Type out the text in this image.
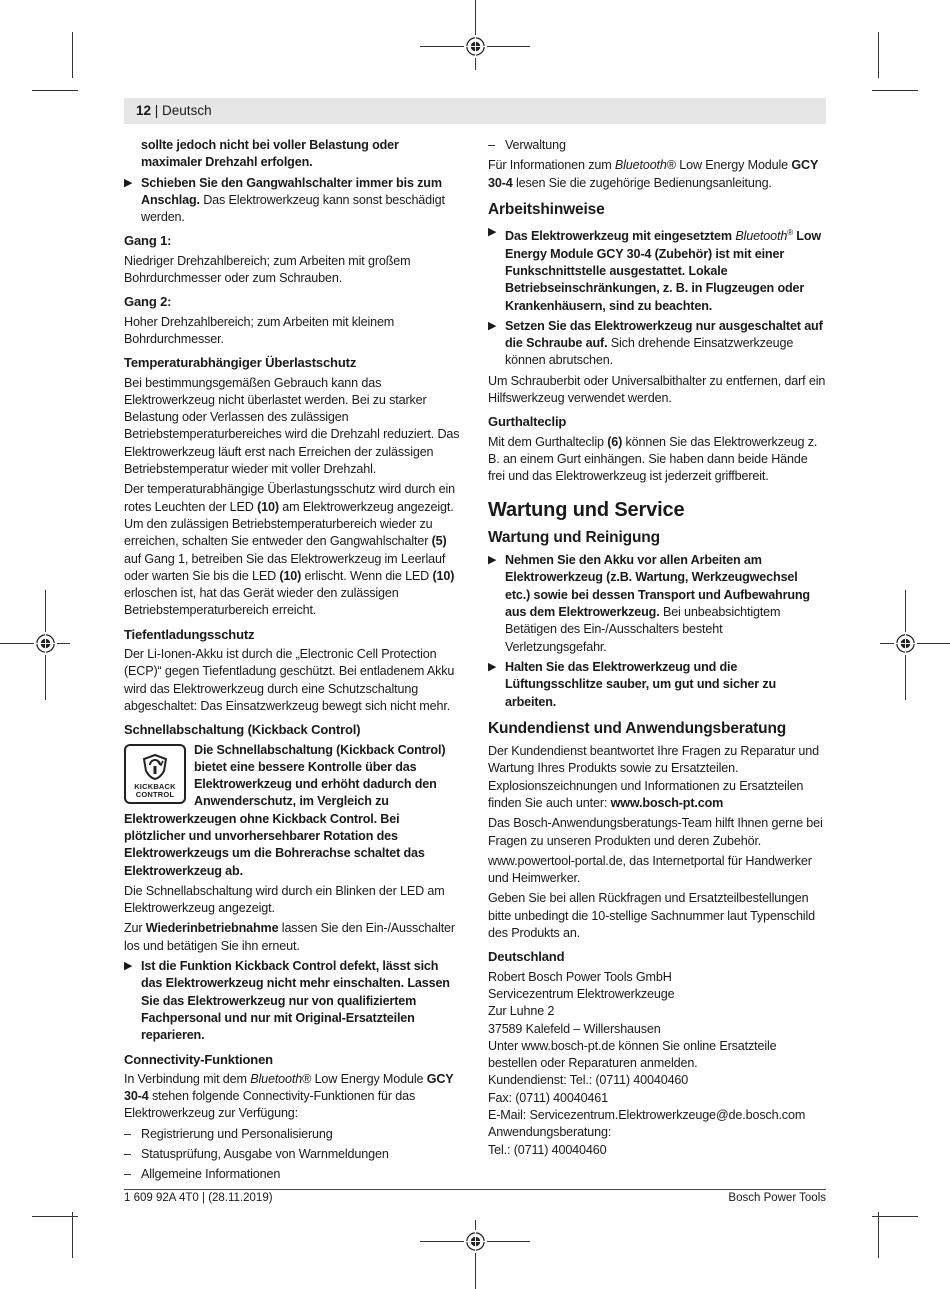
12 | Deutsch

sollte jedoch nicht bei voller Belastung oder maximaler Drehzahl erfolgen.

▶ Schieben Sie den Gangwahlschalter immer bis zum Anschlag. Das Elektrowerkzeug kann sonst beschädigt werden.
Gang 1:

Niedriger Drehzahlbereich; zum Arbeiten mit großem Bohrdurchmesser oder zum Schrauben.

Gang 2:

Hoher Drehzahlbereich; zum Arbeiten mit kleinem Bohrdurchmesser.

Temperaturabhängiger Überlastschutz

Bei bestimmungsgemäßen Gebrauch kann das Elektrowerkzeug nicht überlastet werden. Bei zu starker Belastung oder Verlassen des zulässigen Betriebstemperaturbereiches wird die Drehzahl reduziert. Das Elektrowerkzeug läuft erst nach Erreichen der zulässigen Betriebstemperatur wieder mit voller Drehzahl.

Der temperaturabhängige Überlastungsschutz wird durch ein rotes Leuchten der LED (10) am Elektrowerkzeug angezeigt. Um den zulässigen Betriebstemperaturbereich wieder zu erreichen, schalten Sie entweder den Gangwahlschalter (5) auf Gang 1, betreiben Sie das Elektrowerkzeug im Leerlauf oder warten Sie bis die LED (10) erlischt. Wenn die LED (10) erloschen ist, hat das Gerät wieder den zulässigen Betriebstemperaturbereich erreicht.

Tiefentladungsschutz

Der Li-Ionen-Akku ist durch die „Electronic Cell Protection (ECP)“ gegen Tiefentladung geschützt. Bei entladenem Akku wird das Elektrowerkzeug durch eine Schutzschaltung abgeschaltet: Das Einsatzwerkzeug bewegt sich nicht mehr.

Schnellabschaltung (Kickback Control)
KICKBACK
CONTROL

Die Schnellabschaltung (Kickback Control) bietet eine bessere Kontrolle über das Elektrowerkzeug und erhöht dadurch den Anwenderschutz, im Vergleich zu Elektrowerkzeugen ohne Kickback Control. Bei plötzlicher und unvorhersehbarer Rotation des Elektrowerkzeugs um die Bohrerachse schaltet das Elektrowerkzeug ab.

Die Schnellabschaltung wird durch ein Blinken der LED am Elektrowerkzeug angezeigt.

Zur Wiederinbetriebnahme lassen Sie den Ein-/Ausschalter los und betätigen Sie ihn erneut.

▶ Ist die Funktion Kickback Control defekt, lässt sich das Elektrowerkzeug nicht mehr einschalten. Lassen Sie das Elektrowerkzeug nur von qualifiziertem Fachpersonal und nur mit Original-Ersatzteilen reparieren.
Connectivity-Funktionen

In Verbindung mit dem Bluetooth® Low Energy Module GCY 30-4 stehen folgende Connectivity-Funktionen für das Elektrowerkzeug zur Verfügung:

– Registrierung und Personalisierung
– Statusprüfung, Ausgabe von Warnmeldungen
– Allgemeine Informationen
– Verwaltung

Für Informationen zum Bluetooth® Low Energy Module GCY 30-4 lesen Sie die zugehörige Bedienungsanleitung.

Arbeitshinweise
▶ Das Elektrowerkzeug mit eingesetztem Bluetooth® Low Energy Module GCY 30-4 (Zubehör) ist mit einer Funkschnittstelle ausgestattet. Lokale Betriebseinschränkungen, z. B. in Flugzeugen oder Krankenhäusern, sind zu beachten.
▶ Setzen Sie das Elektrowerkzeug nur ausgeschaltet auf die Schraube auf. Sich drehende Einsatzwerkzeuge können abrutschen.

Um Schrauberbit oder Universalbithalter zu entfernen, darf ein Hilfswerkzeug verwendet werden.

Gurthalteclip

Mit dem Gurthalteclip (6) können Sie das Elektrowerkzeug z. B. an einem Gurt einhängen. Sie haben dann beide Hände frei und das Elektrowerkzeug ist jederzeit griffbereit.

Wartung und Service
Wartung und Reinigung
▶ Nehmen Sie den Akku vor allen Arbeiten am Elektrowerkzeug (z.B. Wartung, Werkzeugwechsel etc.) sowie bei dessen Transport und Aufbewahrung aus dem Elektrowerkzeug. Bei unbeabsichtigtem Betätigen des Ein-/Ausschalters besteht Verletzungsgefahr.
▶ Halten Sie das Elektrowerkzeug und die Lüftungsschlitze sauber, um gut und sicher zu arbeiten.
Kundendienst und Anwendungsberatung

Der Kundendienst beantwortet Ihre Fragen zu Reparatur und Wartung Ihres Produkts sowie zu Ersatzteilen. Explosionszeichnungen und Informationen zu Ersatzteilen finden Sie auch unter: www.bosch-pt.com

Das Bosch-Anwendungsberatungs-Team hilft Ihnen gerne bei Fragen zu unseren Produkten und deren Zubehör.

www.powertool-portal.de, das Internetportal für Handwerker und Heimwerker.

Geben Sie bei allen Rückfragen und Ersatzteilbestellungen bitte unbedingt die 10-stellige Sachnummer laut Typenschild des Produkts an.

Deutschland
Robert Bosch Power Tools GmbH
Servicezentrum Elektrowerkzeuge
Zur Luhne 2
37589 Kalefeld – Willershausen
Unter www.bosch-pt.de können Sie online Ersatzteile bestellen oder Reparaturen anmelden.
Kundendienst: Tel.: (0711) 40040460
Fax: (0711) 40040461
E-Mail: Servicezentrum.Elektrowerkzeuge@de.bosch.com
Anwendungsberatung:
Tel.: (0711) 40040460
1 609 92A 4T0 | (28.11.2019)	Bosch Power Tools
